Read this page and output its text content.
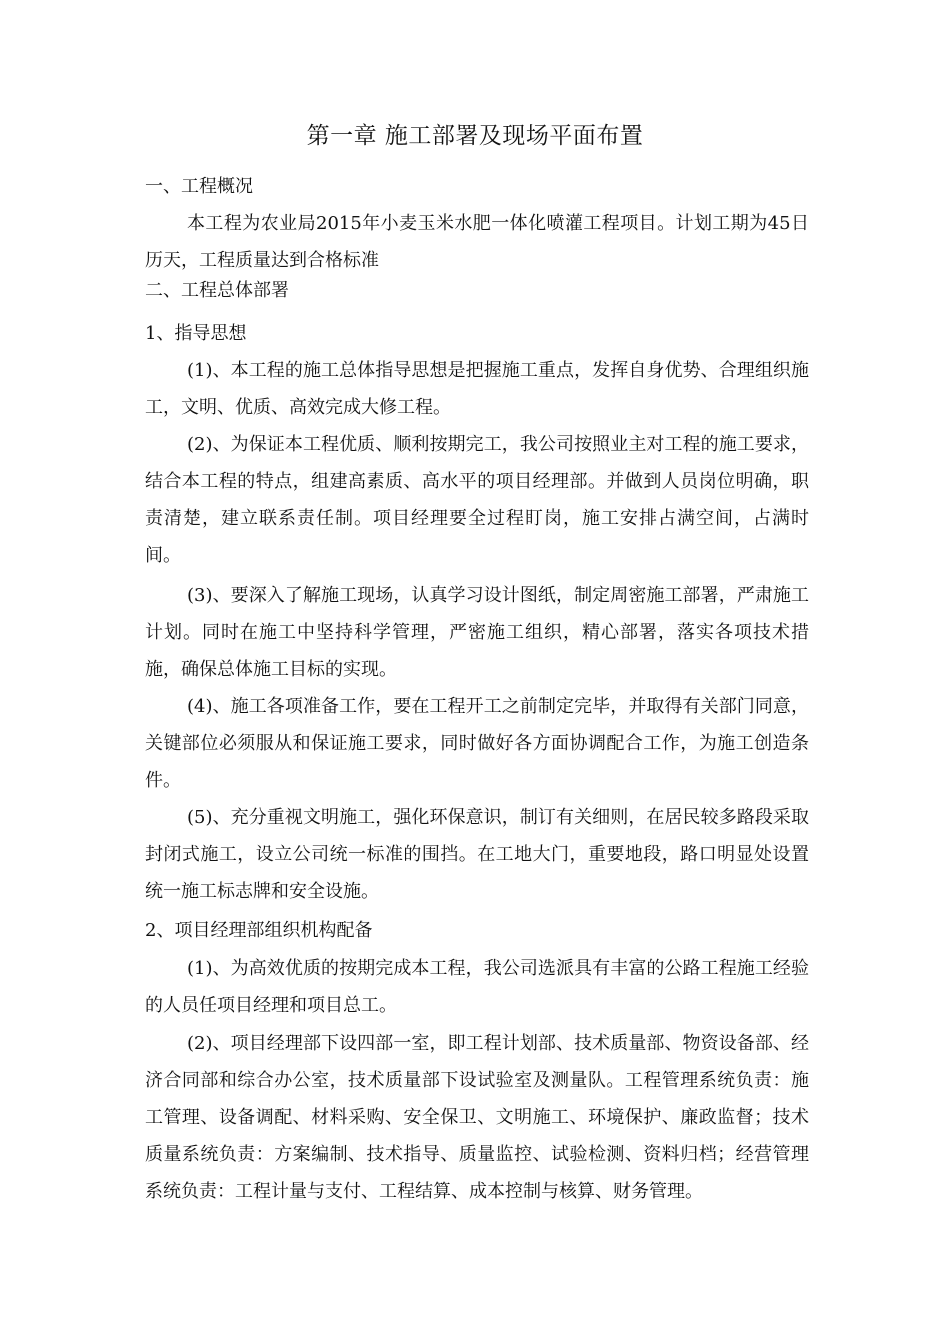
第一章 施工部署及现场平面布置
一、工程概况
本工程为农业局2015年小麦玉米水肥一体化喷灌工程项目。计划工期为45日历天，工程质量达到合格标准
二、工程总体部署
1、指导思想
(1)、本工程的施工总体指导思想是把握施工重点，发挥自身优势、合理组织施工，文明、优质、高效完成大修工程。
(2)、为保证本工程优质、顺利按期完工，我公司按照业主对工程的施工要求，结合本工程的特点，组建高素质、高水平的项目经理部。并做到人员岗位明确，职责清楚，建立联系责任制。项目经理要全过程盯岗，施工安排占满空间，占满时间。
(3)、要深入了解施工现场，认真学习设计图纸，制定周密施工部署，严肃施工计划。同时在施工中坚持科学管理，严密施工组织，精心部署，落实各项技术措施，确保总体施工目标的实现。
(4)、施工各项准备工作，要在工程开工之前制定完毕，并取得有关部门同意，关键部位必须服从和保证施工要求，同时做好各方面协调配合工作，为施工创造条件。
(5)、充分重视文明施工，强化环保意识，制订有关细则，在居民较多路段采取封闭式施工，设立公司统一标准的围挡。在工地大门，重要地段，路口明显处设置统一施工标志牌和安全设施。
2、项目经理部组织机构配备
(1)、为高效优质的按期完成本工程，我公司选派具有丰富的公路工程施工经验的人员任项目经理和项目总工。
(2)、项目经理部下设四部一室，即工程计划部、技术质量部、物资设备部、经济合同部和综合办公室，技术质量部下设试验室及测量队。工程管理系统负责：施工管理、设备调配、材料采购、安全保卫、文明施工、环境保护、廉政监督；技术质量系统负责：方案编制、技术指导、质量监控、试验检测、资料归档；经营管理系统负责：工程计量与支付、工程结算、成本控制与核算、财务管理。
